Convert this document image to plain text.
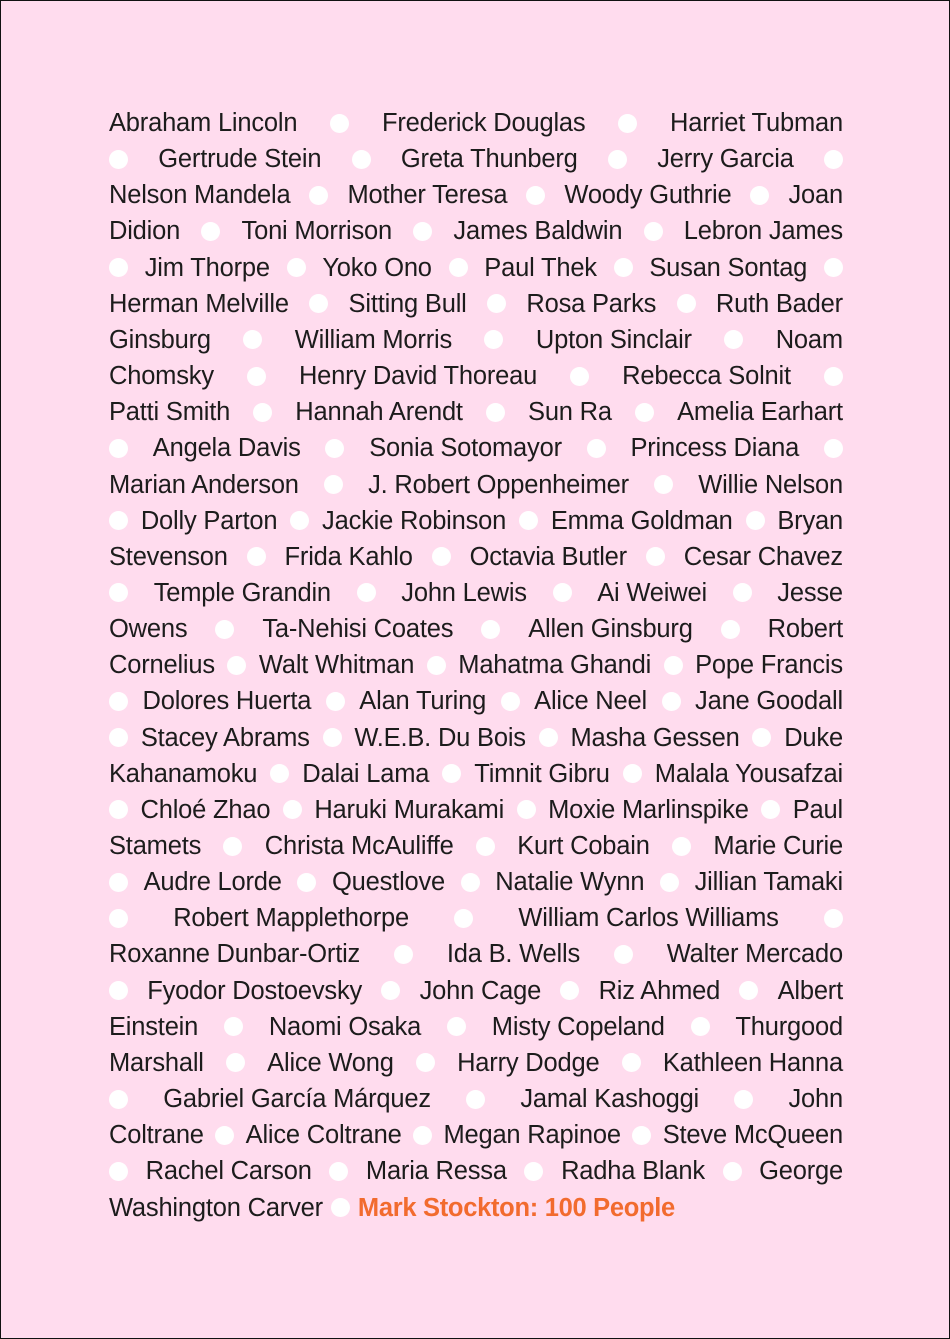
Abraham Lincoln	Frederick Douglas	Harriet Tubman
Gertrude Stein	Greta Thunberg	Jerry Garcia
Nelson Mandela Mother Teresa Woody Guthrie Joan
Didion Toni Morrison James Baldwin Lebron James
Jim Thorpe Yoko Ono Paul Thek Susan Sontag
Herman Melville Sitting Bull Rosa Parks Ruth Bader
Ginsburg	William Morris	Upton Sinclair	Noam
Chomsky	Henry David Thoreau	Rebecca Solnit
Patti Smith	Hannah Arendt	Sun Ra	Amelia Earhart
Angela Davis	Sonia Sotomayor	Princess Diana
Marian Anderson	J. Robert Oppenheimer	Willie Nelson
Dolly Parton Jackie Robinson Emma Goldman Bryan
Stevenson Frida Kahlo Octavia Butler Cesar Chavez
Temple Grandin	John Lewis	Ai Weiwei	Jesse
Owens	Ta-Nehisi Coates	Allen Ginsburg	Robert
Cornelius Walt Whitman Mahatma Ghandi Pope Francis
Dolores Huerta Alan Turing Alice Neel Jane Goodall
Stacey Abrams W.E.B. Du Bois Masha Gessen Duke
Kahanamoku Dalai Lama Timnit Gibru Malala Yousafzai
Chloé Zhao Haruki Murakami Moxie Marlinspike Paul
Stamets Christa McAuliffe Kurt Cobain Marie Curie
Audre Lorde Questlove Natalie Wynn Jillian Tamaki
Robert Mapplethorpe	William Carlos Williams
Roxanne Dunbar-Ortiz	Ida B. Wells	Walter Mercado
Fyodor Dostoevsky John Cage Riz Ahmed Albert
Einstein	Naomi Osaka	Misty Copeland	Thurgood
Marshall Alice Wong Harry Dodge Kathleen Hanna
Gabriel García Márquez	Jamal Kashoggi	John
Coltrane Alice Coltrane Megan Rapinoe Steve McQueen
Rachel Carson Maria Ressa Radha Blank George
Washington Carver Mark Stockton: 100 People
